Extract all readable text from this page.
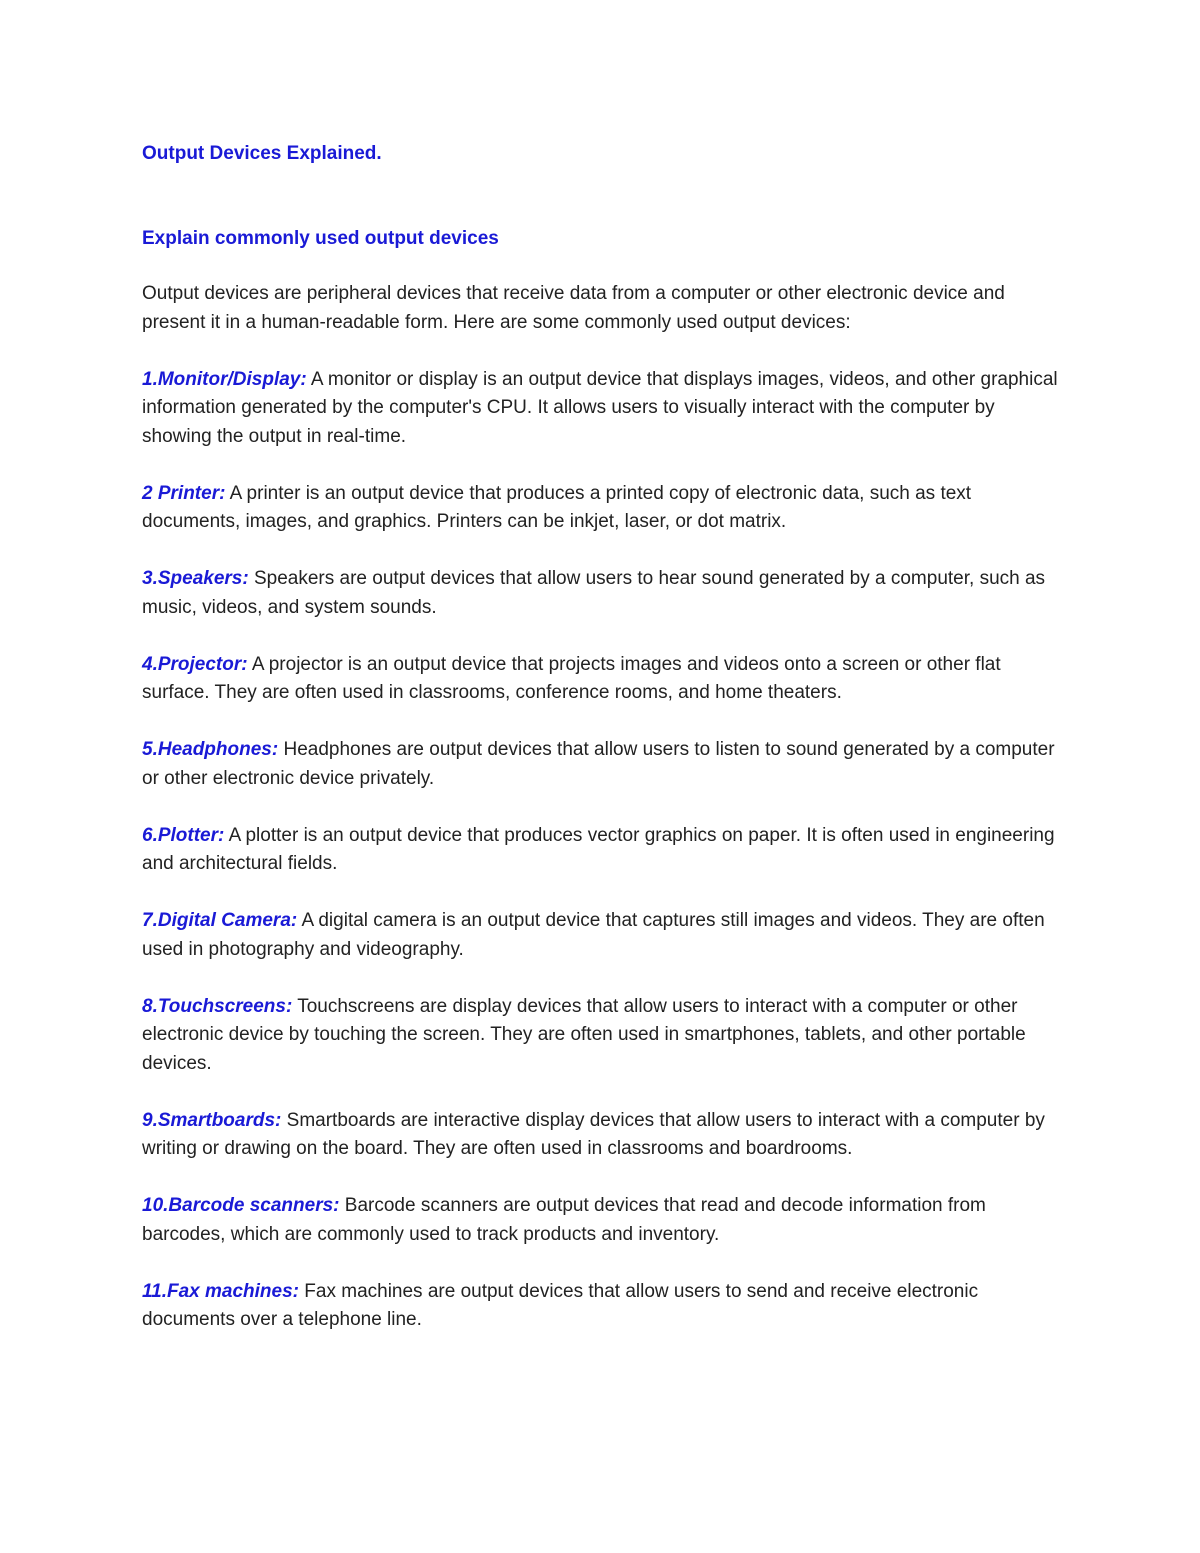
Output Devices Explained.
Explain commonly used output devices

Output devices are peripheral devices that receive data from a computer or other electronic device and present it in a human-readable form. Here are some commonly used output devices:

1.Monitor/Display: A monitor or display is an output device that displays images, videos, and other graphical information generated by the computer's CPU. It allows users to visually interact with the computer by showing the output in real-time.

2 Printer: A printer is an output device that produces a printed copy of electronic data, such as text documents, images, and graphics. Printers can be inkjet, laser, or dot matrix.

3.Speakers: Speakers are output devices that allow users to hear sound generated by a computer, such as music, videos, and system sounds.

4.Projector: A projector is an output device that projects images and videos onto a screen or other flat surface. They are often used in classrooms, conference rooms, and home theaters.

5.Headphones: Headphones are output devices that allow users to listen to sound generated by a computer or other electronic device privately.

6.Plotter: A plotter is an output device that produces vector graphics on paper. It is often used in engineering and architectural fields.

7.Digital Camera: A digital camera is an output device that captures still images and videos. They are often used in photography and videography.

8.Touchscreens: Touchscreens are display devices that allow users to interact with a computer or other electronic device by touching the screen. They are often used in smartphones, tablets, and other portable devices.

9.Smartboards: Smartboards are interactive display devices that allow users to interact with a computer by writing or drawing on the board. They are often used in classrooms and boardrooms.

10.Barcode scanners: Barcode scanners are output devices that read and decode information from barcodes, which are commonly used to track products and inventory.

11.Fax machines: Fax machines are output devices that allow users to send and receive electronic documents over a telephone line.
